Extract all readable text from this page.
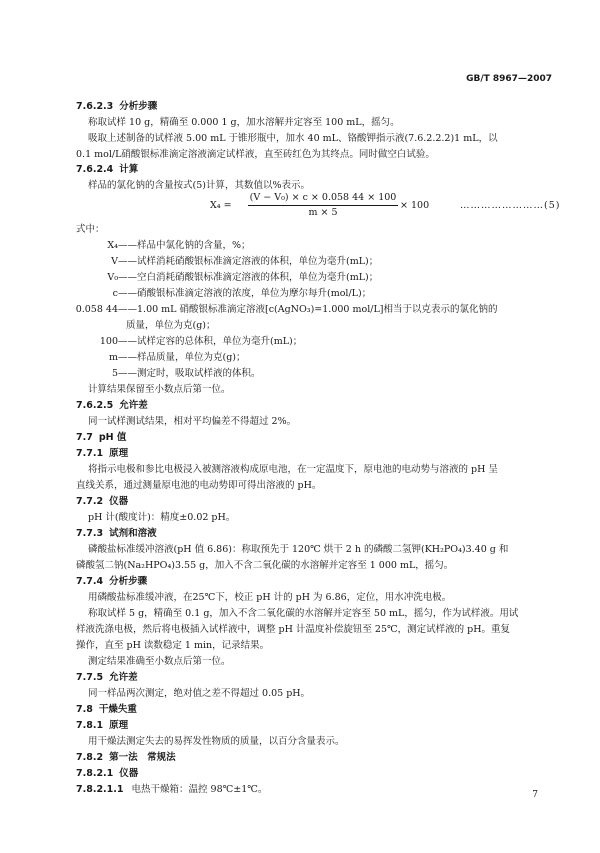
GB/T 8967—2007
7.6.2.3 分析步骤
称取试样 10 g，精确至 0.000 1 g，加水溶解并定容至 100 mL，摇匀。
吸取上述制备的试样液 5.00 mL 于锥形瓶中，加水 40 mL、铬酸钾指示液(7.6.2.2.2)1 mL，以
0.1 mol/L硝酸银标准滴定溶液滴定试样液，直至砖红色为其终点。同时做空白试验。
7.6.2.4 计算
样品的氯化钠的含量按式(5)计算，其数值以%表示。
$X_4 = \frac{\text{(V − V₀) × c × 0.058 44 × 100}}{m \times 5} \times 100$	……………………(5)
式中：
X₄——样品中氯化钠的含量，%；
V——试样消耗硝酸银标准滴定溶液的体积，单位为毫升(mL)；
V₀——空白消耗硝酸银标准滴定溶液的体积，单位为毫升(mL)；
c——硝酸银标准滴定溶液的浓度，单位为摩尔每升(mol/L)；
0.058 44——1.00 mL 硝酸银标准滴定溶液[c(AgNO₃)=1.000 mol/L]相当于以克表示的氯化钠的
质量，单位为克(g)；
100——试样定容的总体积，单位为毫升(mL)；
m——样品质量，单位为克(g)；
5——测定时，吸取试样液的体积。
计算结果保留至小数点后第一位。
7.6.2.5 允许差
同一试样测试结果，相对平均偏差不得超过 2%。
7.7 pH 值
7.7.1 原理
将指示电极和参比电极浸入被测溶液构成原电池，在一定温度下，原电池的电动势与溶液的 pH 呈
直线关系，通过测量原电池的电动势即可得出溶液的 pH。
7.7.2 仪器
pH 计(酸度计)：精度±0.02 pH。
7.7.3 试剂和溶液
磷酸盐标准缓冲溶液(pH 值 6.86)：称取预先于 120℃ 烘干 2 h 的磷酸二氢钾(KH₂PO₄)3.40 g 和
磷酸氢二钠(Na₂HPO₄)3.55 g，加入不含二氧化碳的水溶解并定容至 1 000 mL，摇匀。
7.7.4 分析步骤
用磷酸盐标准缓冲液，在25℃下，校正 pH 计的 pH 为 6.86，定位，用水冲洗电极。
称取试样 5 g，精确至 0.1 g，加入不含二氧化碳的水溶解并定容至 50 mL，摇匀，作为试样液。用试
样液洗涤电极，然后将电极插入试样液中，调整 pH 计温度补偿旋钮至 25℃，测定试样液的 pH。重复
操作，直至 pH 读数稳定 1 min，记录结果。
测定结果准确至小数点后第一位。
7.7.5 允许差
同一样品两次测定，绝对值之差不得超过 0.05 pH。
7.8 干燥失重
7.8.1 原理
用干燥法测定失去的易挥发性物质的质量，以百分含量表示。
7.8.2 第一法　常规法
7.8.2.1 仪器
7.8.2.1.1 电热干燥箱：温控 98℃±1℃。	7
